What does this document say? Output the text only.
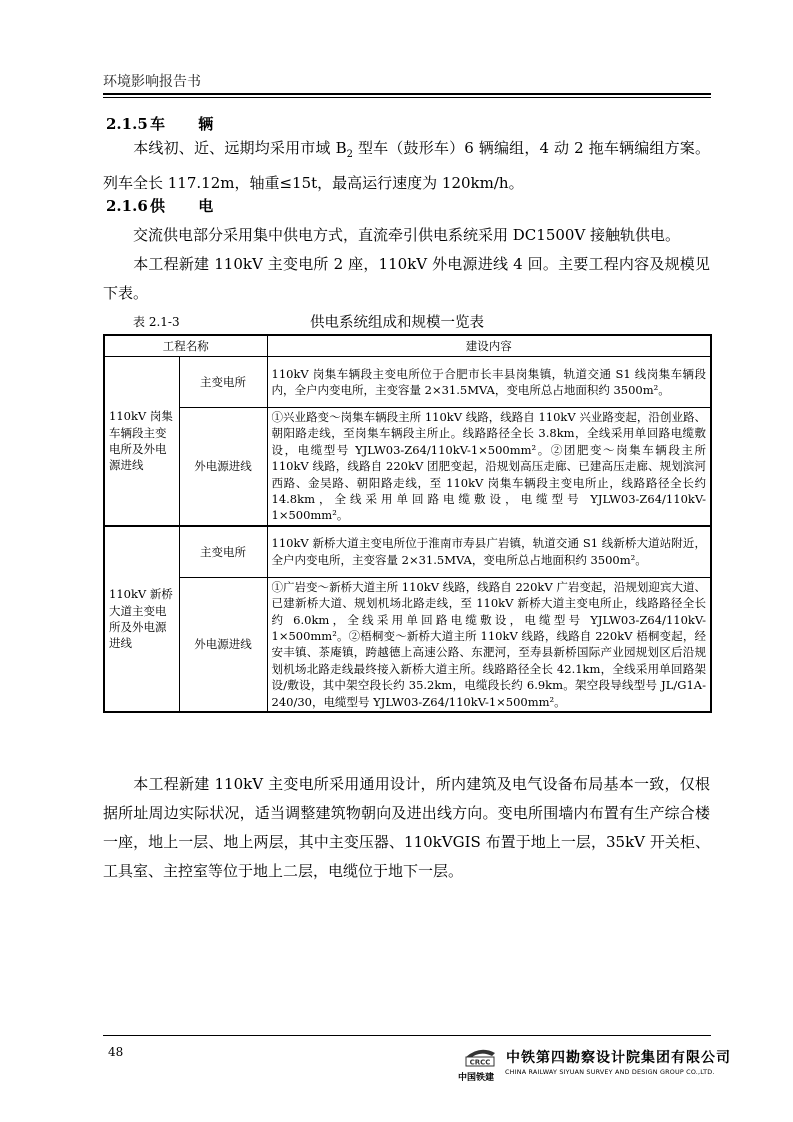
环境影响报告书
2.1.5 车 辆

本线初、近、远期均采用市域 $B_2$ 型车（鼓形车）6 辆编组，4 动 2 拖车辆编组方案。列车全长 117.12m，轴重≤15t，最高运行速度为 120km/h。

2.1.6 供 电

交流供电部分采用集中供电方式，直流牵引供电系统采用 DC1500V 接触轨供电。

本工程新建 110kV 主变电所 2 座，110kV 外电源进线 4 回。主要工程内容及规模见下表。

表 2.1-3	供电系统组成和规模一览表
工程名称		建设内容
110kV 岗集车辆段主变电所及外电源进线	主变电所	110kV 岗集车辆段主变电所位于合肥市长丰县岗集镇，轨道交通 S1 线岗集车辆段内，全户内变电所，主变容量 2×31.5MVA，变电所总占地面积约 3500m²。
	外电源进线	①兴业路变～岗集车辆段主所 110kV 线路，线路自 110kV 兴业路变起，沿创业路、朝阳路走线，至岗集车辆段主所止。线路路径全长 3.8km，全线采用单回路电缆敷设，电缆型号 YJLW03-Z64/110kV-1×500mm²。②团肥变～岗集车辆段主所 110kV 线路，线路自 220kV 团肥变起，沿规划高压走廊、已建高压走廊、规划滨河西路、金吴路、朝阳路走线，至 110kV 岗集车辆段主变电所止，线路路径全长约 14.8km，全线采用单回路电缆敷设，电缆型号 YJLW03-Z64/110kV-1×500mm²。
110kV 新桥大道主变电所及外电源进线	主变电所	110kV 新桥大道主变电所位于淮南市寿县广岩镇，轨道交通 S1 线新桥大道站附近，全户内变电所，主变容量 2×31.5MVA，变电所总占地面积约 3500m²。
	外电源进线	①广岩变～新桥大道主所 110kV 线路，线路自 220kV 广岩变起，沿规划迎宾大道、已建新桥大道、规划机场北路走线，至 110kV 新桥大道主变电所止，线路路径全长约 6.0km，全线采用单回路电缆敷设，电缆型号 YJLW03-Z64/110kV-1×500mm²。②梧桐变～新桥大道主所 110kV 线路，线路自 220kV 梧桐变起，经安丰镇、茶庵镇，跨越德上高速公路、东淝河，至寿县新桥国际产业园规划区后沿规划机场北路走线最终接入新桥大道主所。线路路径全长 42.1km，全线采用单回路架设/敷设，其中架空段长约 35.2km，电缆段长约 6.9km。架空段导线型号 JL/G1A-240/30，电缆型号 YJLW03-Z64/110kV-1×500mm²。

本工程新建 110kV 主变电所采用通用设计，所内建筑及电气设备布局基本一致，仅根据所址周边实际状况，适当调整建筑物朝向及进出线方向。变电所围墙内布置有生产综合楼一座，地上一层、地上两层，其中主变压器、110kVGIS 布置于地上一层，35kV 开关柜、工具室、主控室等位于地上二层，电缆位于地下一层。

48
CRCC
中国铁建
中铁第四勘察设计院集团有限公司
CHINA RAILWAY SIYUAN SURVEY AND DESIGN GROUP CO.,LTD.
